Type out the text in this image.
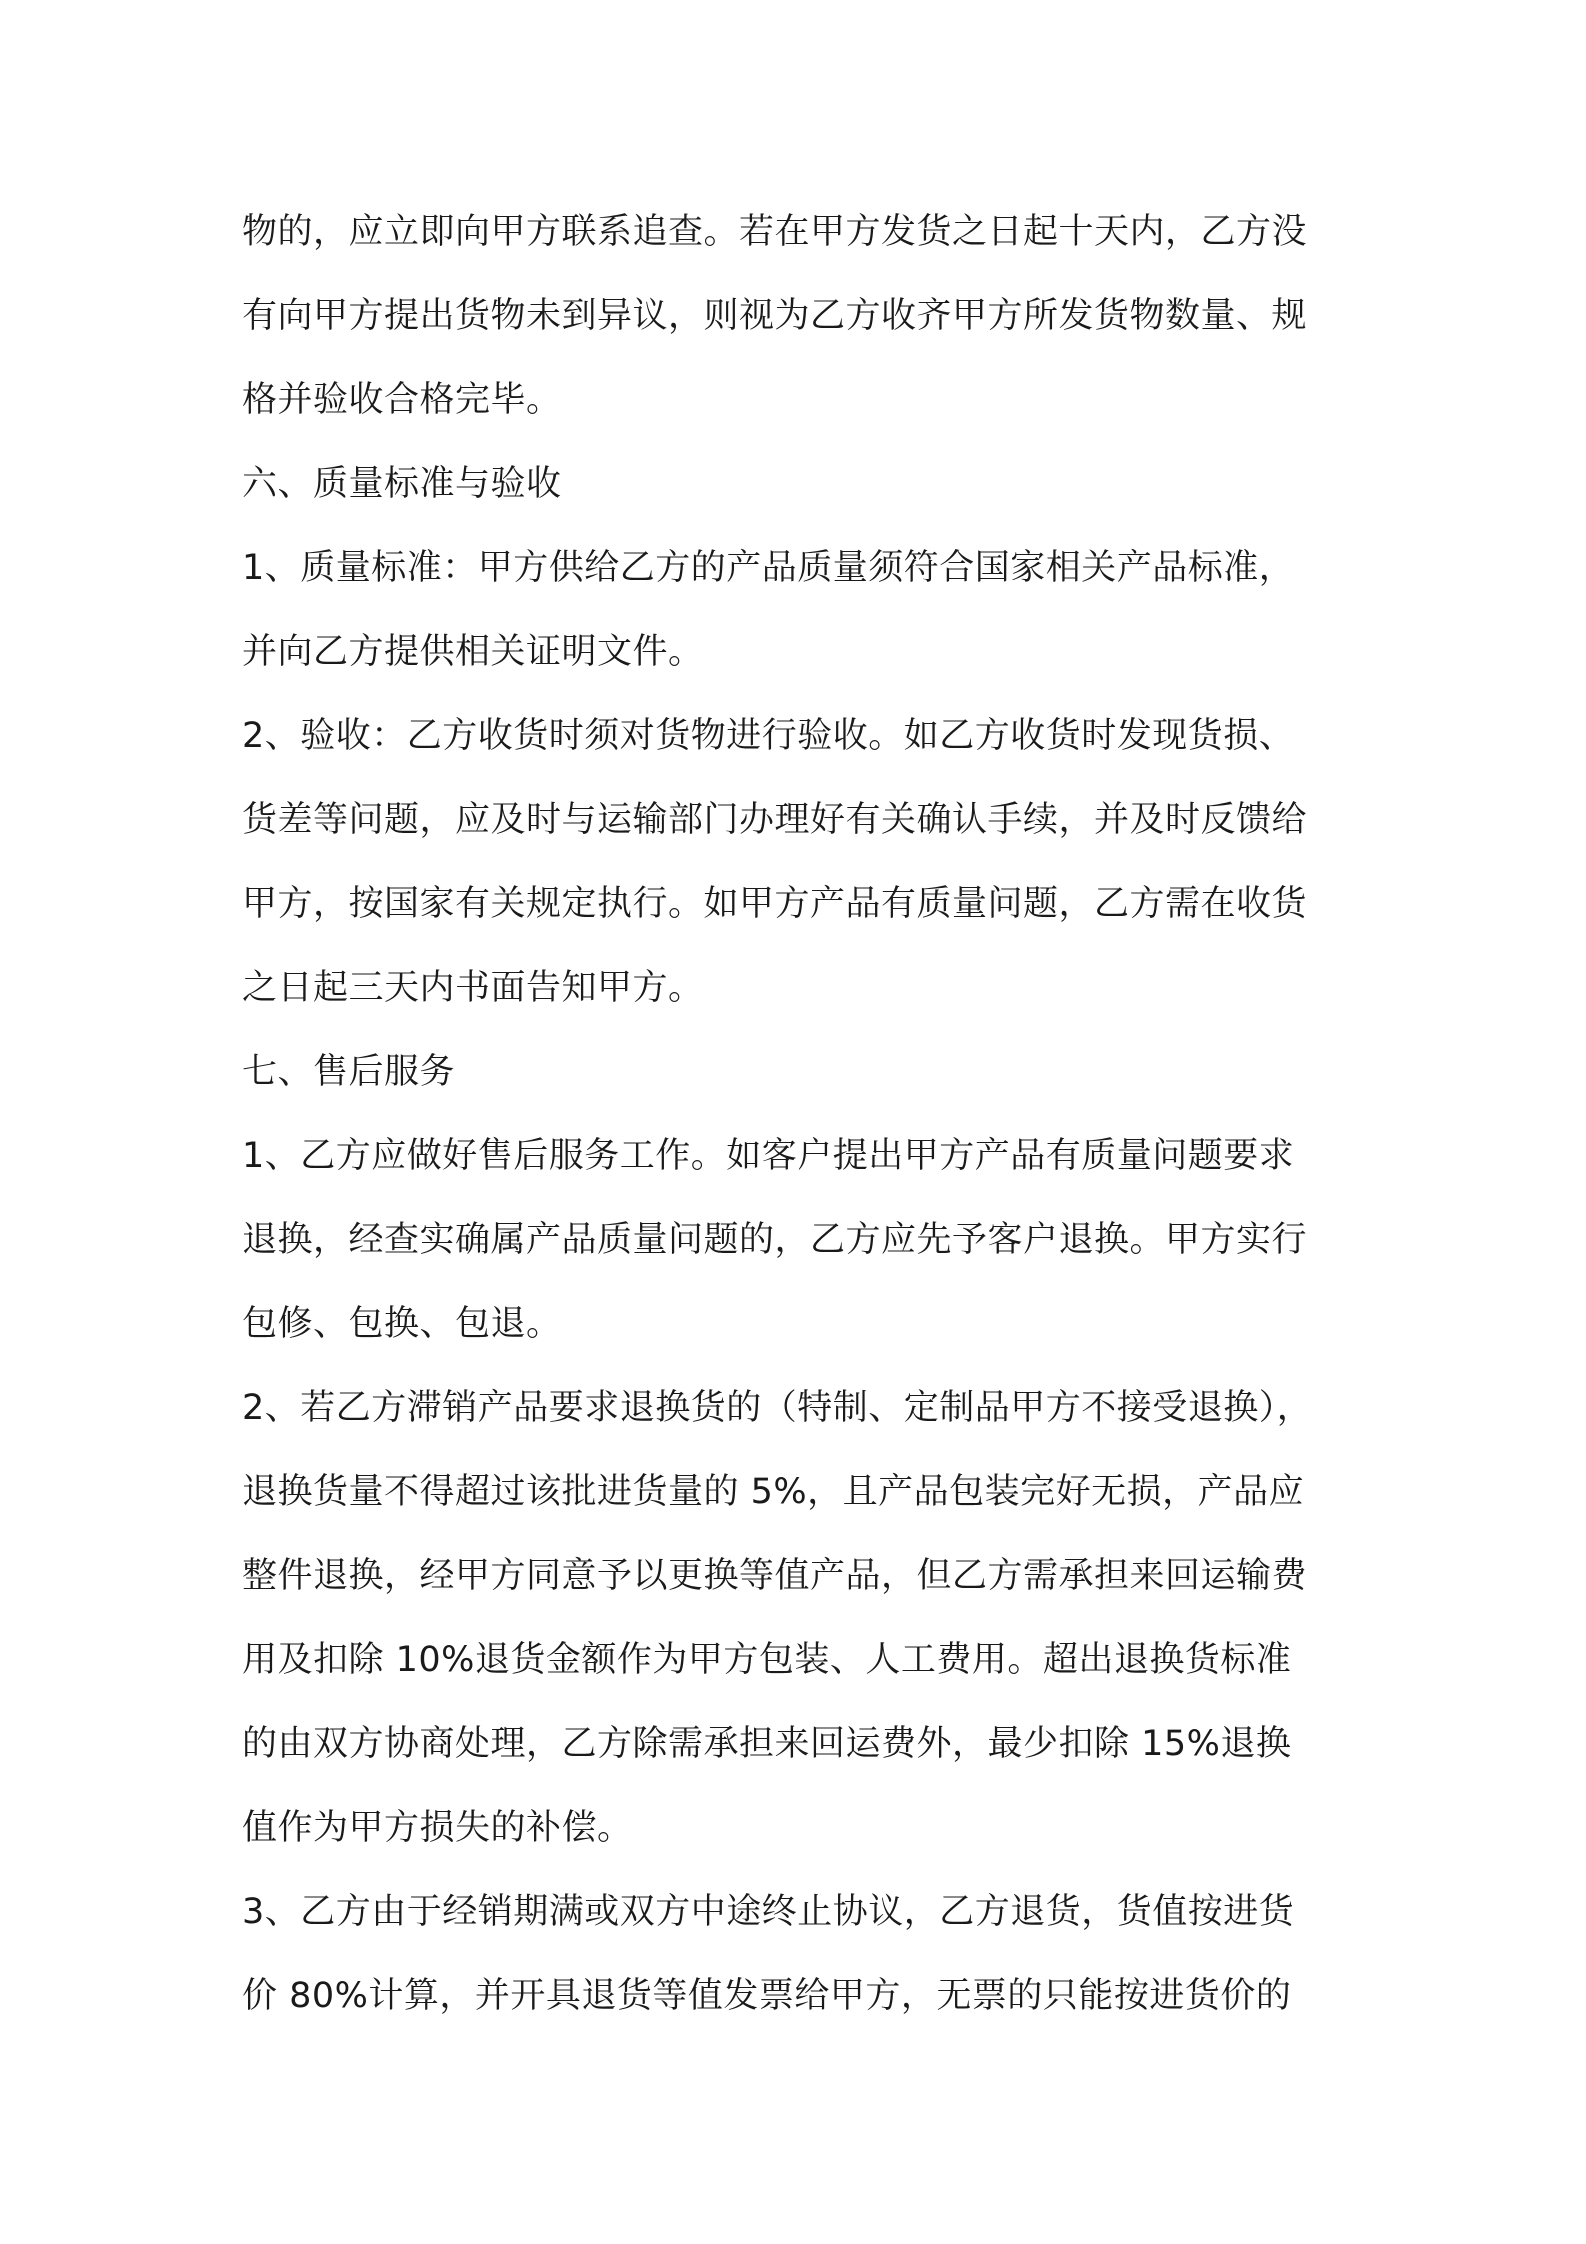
物的，应立即向甲方联系追查。若在甲方发货之日起十天内，乙方没
有向甲方提出货物未到异议，则视为乙方收齐甲方所发货物数量、规
格并验收合格完毕。
六、质量标准与验收
1、质量标准：甲方供给乙方的产品质量须符合国家相关产品标准，
并向乙方提供相关证明文件。
2、验收：乙方收货时须对货物进行验收。如乙方收货时发现货损、
货差等问题，应及时与运输部门办理好有关确认手续，并及时反馈给
甲方，按国家有关规定执行。如甲方产品有质量问题，乙方需在收货
之日起三天内书面告知甲方。
七、售后服务
1、乙方应做好售后服务工作。如客户提出甲方产品有质量问题要求
退换，经查实确属产品质量问题的，乙方应先予客户退换。甲方实行
包修、包换、包退。
2、若乙方滞销产品要求退换货的（特制、定制品甲方不接受退换），
退换货量不得超过该批进货量的 5%，且产品包装完好无损，产品应
整件退换，经甲方同意予以更换等值产品，但乙方需承担来回运输费
用及扣除 10%退货金额作为甲方包装、人工费用。超出退换货标准
的由双方协商处理，乙方除需承担来回运费外，最少扣除 15%退换
值作为甲方损失的补偿。
3、乙方由于经销期满或双方中途终止协议，乙方退货，货值按进货
价 80%计算，并开具退货等值发票给甲方，无票的只能按进货价的
